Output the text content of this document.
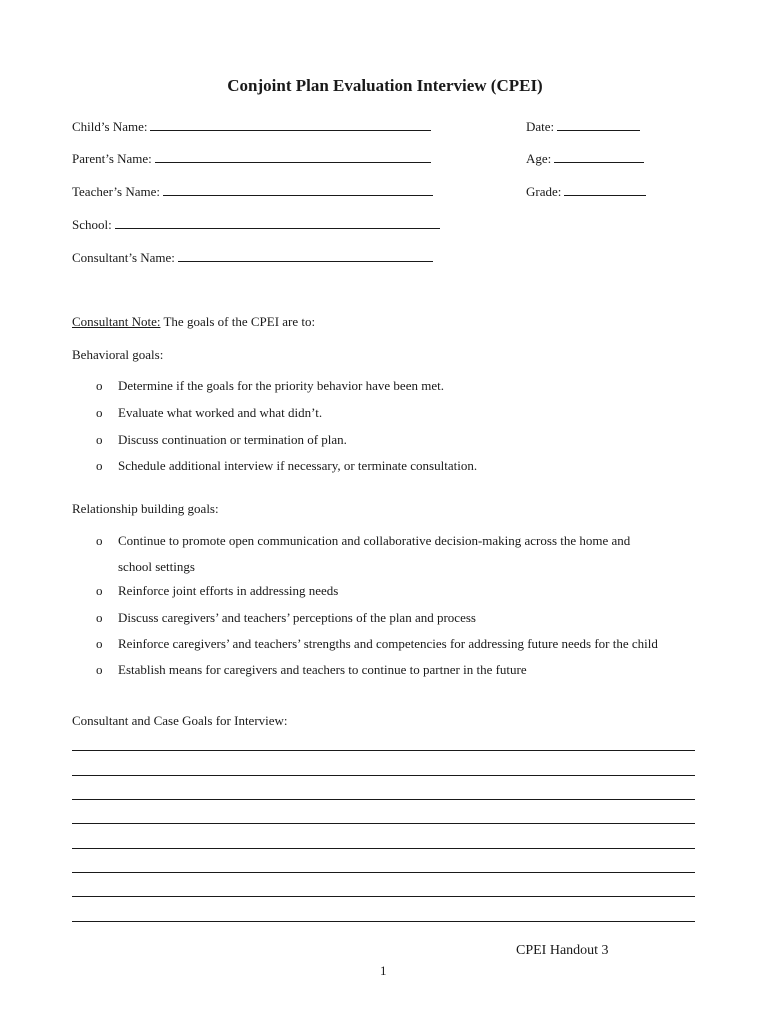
Conjoint Plan Evaluation Interview (CPEI)
Child’s Name:	Date:
Parent’s Name:	Age:
Teacher’s Name:	Grade:
School:
Consultant’s Name:
Consultant Note: The goals of the CPEI are to:
Behavioral goals:
o Determine if the goals for the priority behavior have been met.
o Evaluate what worked and what didn’t.
o Discuss continuation or termination of plan.
o Schedule additional interview if necessary, or terminate consultation.
Relationship building goals:
o Continue to promote open communication and collaborative decision-making across the home and
school settings
o Reinforce joint efforts in addressing needs
o Discuss caregivers’ and teachers’ perceptions of the plan and process
o Reinforce caregivers’ and teachers’ strengths and competencies for addressing future needs for the child
o Establish means for caregivers and teachers to continue to partner in the future
Consultant and Case Goals for Interview:
CPEI Handout 3
1
